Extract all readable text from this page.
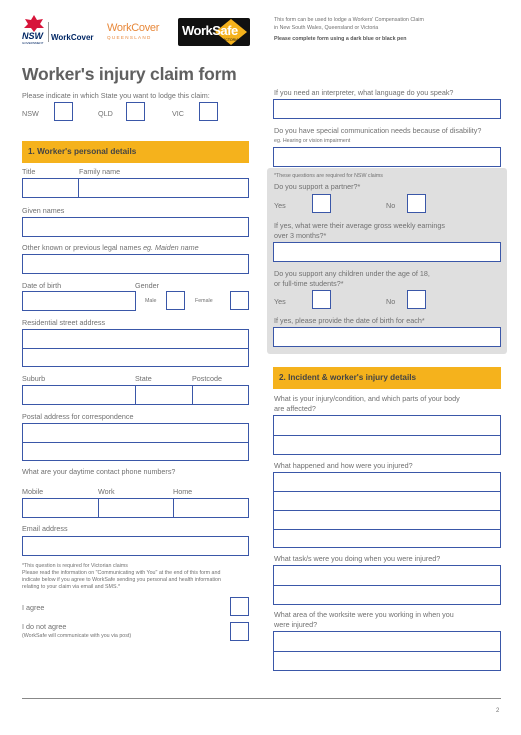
NSW
GOVERNMENT
WorkCover
WorkCover
QUEENSLAND	WorkSafe
VICTORIA
This form can be used to lodge a Workers' Compensation Claim
in New South Wales, Queensland or Victoria
Please complete form using a dark blue or black pen
Worker's injury claim form
Please indicate in which State you want to lodge this claim:
NSW	QLD	VIC
1. Worker's personal details
Title	Family name
Given names
Other known or previous legal names eg. Maiden name
Date of birth	Gender
Male	Female
Residential street address
Suburb	State	Postcode
Postal address for correspondence
What are your daytime contact phone numbers?
Mobile	Work	Home
Email address
*This question is required for Victorian claims
Please read the information on "Communicating with You" at the end of this form and
indicate below if you agree to WorkSafe sending you personal and health information
relating to your claim via email and SMS.*
I agree
I do not agree
(WorkSafe will communicate with you via post)
If you need an interpreter, what language do you speak?
Do you have special communication needs because of disability?
eg. Hearing or vision impairment
*These questions are required for NSW claims
Do you support a partner?*
Yes	No
If yes, what were their average gross weekly earnings
over 3 months?*
Do you support any children under the age of 18,
or full-time students?*
Yes	No
If yes, please provide the date of birth for each*
2. Incident & worker's injury details
What is your injury/condition, and which parts of your body
are affected?
What happened and how were you injured?
What task/s were you doing when you were injured?
What area of the worksite were you working in when you
were injured?
2
